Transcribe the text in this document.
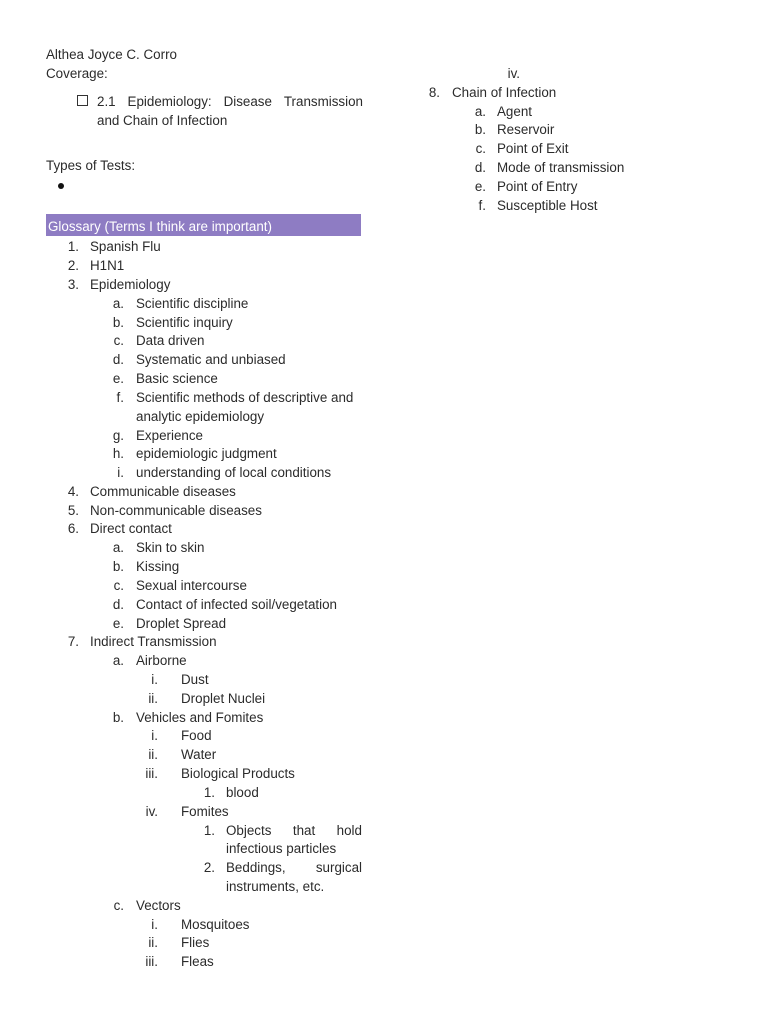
Althea Joyce C. Corro
Coverage:
2.1 Epidemiology: Disease Transmission
and Chain of Infection
Types of Tests:
Glossary (Terms I think are important)
1. Spanish Flu
2. H1N1
3. Epidemiology
a. Scientific discipline
b. Scientific inquiry
c. Data driven
d. Systematic and unbiased
e. Basic science
f. Scientific methods of descriptive and
analytic epidemiology
g. Experience
h. epidemiologic judgment
i. understanding of local conditions
4. Communicable diseases
5. Non-communicable diseases
6. Direct contact
a. Skin to skin
b. Kissing
c. Sexual intercourse
d. Contact of infected soil/vegetation
e. Droplet Spread
7. Indirect Transmission
a. Airborne
i. Dust
ii. Droplet Nuclei
b. Vehicles and Fomites
i. Food
ii. Water
iii. Biological Products
1. blood
iv. Fomites
1. Objects that hold
infectious particles
2. Beddings, surgical
instruments, etc.
c. Vectors
i. Mosquitoes
ii. Flies
iii. Fleas
iv.
8. Chain of Infection
a. Agent
b. Reservoir
c. Point of Exit
d. Mode of transmission
e. Point of Entry
f. Susceptible Host
